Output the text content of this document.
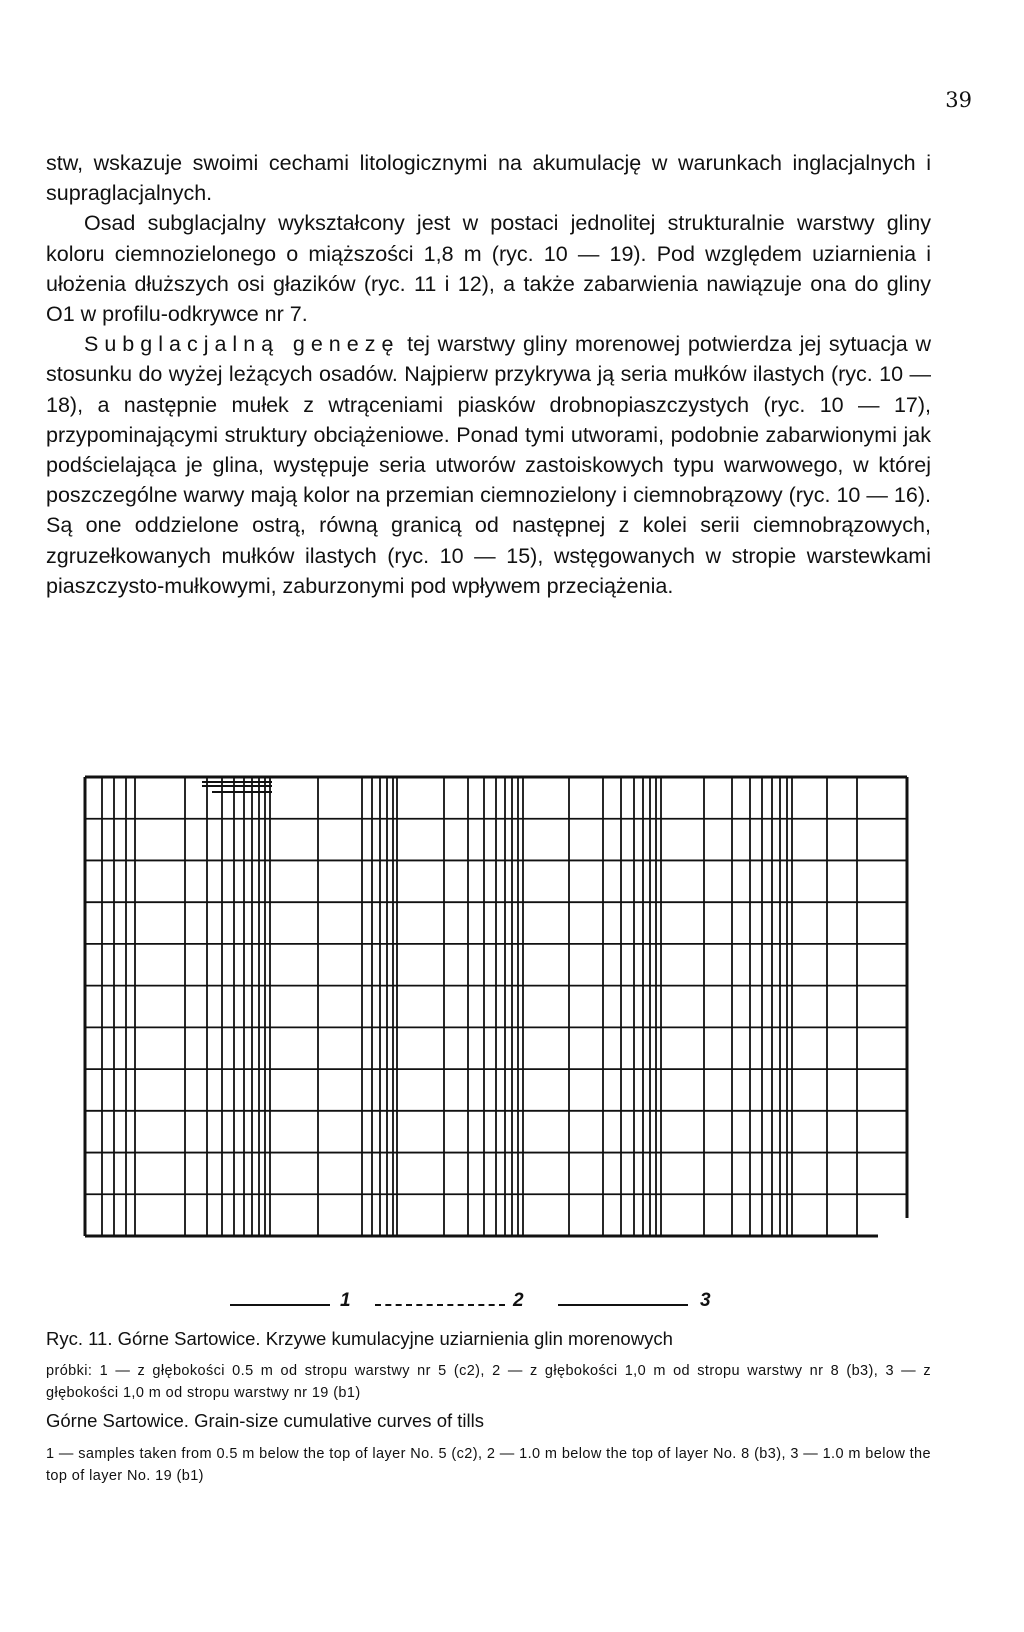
39

stw, wskazuje swoimi cechami litologicznymi na akumulację w warunkach inglacjalnych i supraglacjalnych.

Osad subglacjalny wykształcony jest w postaci jednolitej strukturalnie warstwy gliny koloru ciemnozielonego o miąższości 1,8 m (ryc. 10 — 19). Pod względem uziarnienia i ułożenia dłuższych osi głazików (ryc. 11 i 12), a także zabarwienia nawiązuje ona do gliny O1 w profilu-odkrywce nr 7.

Subglacjalną genezę tej warstwy gliny morenowej potwierdza jej sytuacja w stosunku do wyżej leżących osadów. Najpierw przykrywa ją seria mułków ilastych (ryc. 10 — 18), a następnie mułek z wtrąceniami piasków drobnopiaszczystych (ryc. 10 — 17), przypominającymi struktury obciążeniowe. Ponad tymi utworami, podobnie zabarwionymi jak podścielająca je glina, występuje seria utworów zastoiskowych typu warwowego, w której poszczególne warwy mają kolor na przemian ciemnozielony i ciemnobrązowy (ryc. 10 — 16). Są one oddzielone ostrą, równą granicą od następnej z kolei serii ciemnobrązowych, zgruzełkowanych mułków ilastych (ryc. 10 — 15), wstęgowanych w stropie warstewkami piaszczysto-mułkowymi, zaburzonymi pod wpływem przeciążenia.

1	2	3
Ryc. 11. Górne Sartowice. Krzywe kumulacyjne uziarnienia glin morenowych
próbki: 1 — z głębokości 0.5 m od stropu warstwy nr 5 (c2), 2 — z głębokości 1,0 m od stropu warstwy nr 8 (b3), 3 — z głębokości 1,0 m od stropu warstwy nr 19 (b1)
Górne Sartowice. Grain-size cumulative curves of tills
1 — samples taken from 0.5 m below the top of layer No. 5 (c2), 2 — 1.0 m below the top of layer No. 8 (b3), 3 — 1.0 m below the top of layer No. 19 (b1)
